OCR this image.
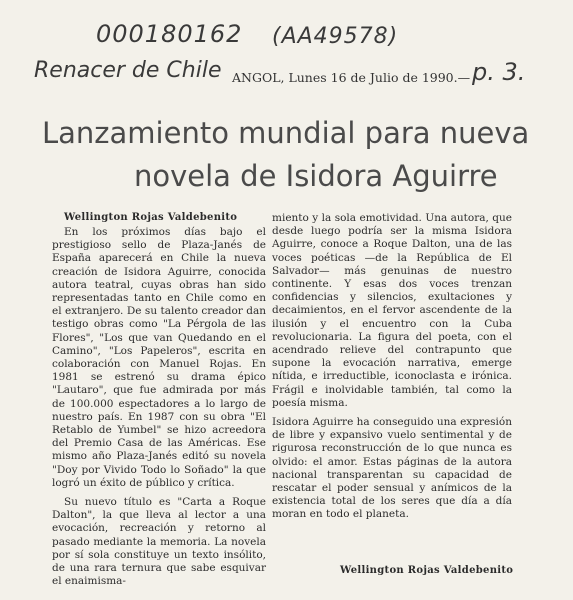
000180162 (AA49578)
Renacer de Chile	p. 3.
ANGOL, Lunes 16 de Julio de 1990.—
Lanzamiento mundial para nueva
novela de Isidora Aguirre
Wellington Rojas Valdebenito

En los próximos días bajo el prestigioso sello de Plaza-Janés de España aparecerá en Chile la nueva creación de Isidora Aguirre, conocida autora teatral, cuyas obras han sido representadas tanto en Chile como en el extranjero. De su talento creador dan testigo obras como "La Pérgola de las Flores", "Los que van Quedando en el Camino", "Los Papeleros", escrita en colaboración con Manuel Rojas. En 1981 se estrenó su drama épico "Lautaro", que fue admirada por más de 100.000 espectadores a lo largo de nuestro país. En 1987 con su obra "El Retablo de Yumbel" se hizo acreedora del Premio Casa de las Américas. Ese mismo año Plaza-Janés editó su novela "Doy por Vivido Todo lo Soñado" la que logró un éxito de público y crítica.

Su nuevo título es "Carta a Roque Dalton", la que lleva al lector a una evocación, recreación y retorno al pasado mediante la memoria. La novela por sí sola constituye un texto insólito, de una rara ternura que sabe esquivar el enaimisma-

miento y la sola emotividad. Una autora, que desde luego podría ser la misma Isidora Aguirre, conoce a Roque Dalton, una de las voces poéticas —de la República de El Salvador— más genuinas de nuestro continente. Y esas dos voces trenzan confidencias y silencios, exultaciones y decaimientos, en el fervor ascendente de la ilusión y el encuentro con la Cuba revolucionaria. La figura del poeta, con el acendrado relieve del contrapunto que supone la evocación narrativa, emerge nítida, e irreductible, iconoclasta e irónica. Frágil e inolvidable también, tal como la poesía misma.

Isidora Aguirre ha conseguido una expresión de libre y expansivo vuelo sentimental y de rigurosa reconstrucción de lo que nunca es olvido: el amor. Estas páginas de la autora nacional transparentan su capacidad de rescatar el poder sensual y anímicos de la existencia total de los seres que día a día moran en todo el planeta.

Wellington Rojas Valdebenito
